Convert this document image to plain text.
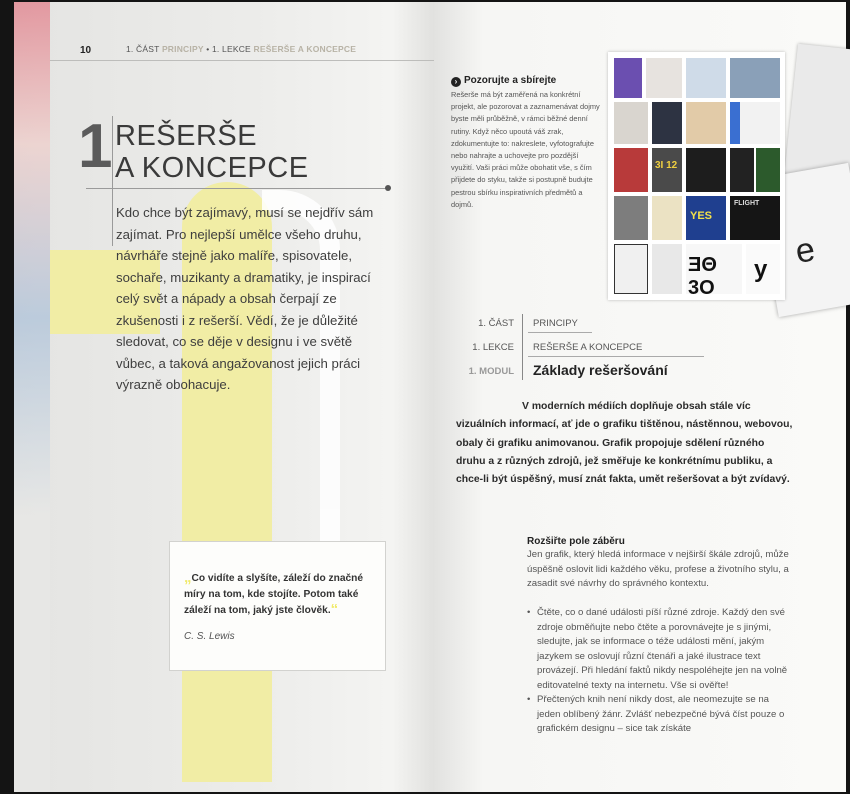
10	1. ČÁST PRINCIPY • 1. LEKCE REŠERŠE A KONCEPCE
1 REŠERŠE
A KONCEPCE

Kdo chce být zajímavý, musí se nejdřív sám zajímat. Pro nejlepší umělce všeho druhu, návrháře stejně jako malíře, spisovatele, sochaře, muzikanty a dramatiky, je inspirací celý svět a nápady a obsah čerpají ze zkušenosti i z rešerší. Vědí, že je důležité sledovat, co se děje v designu i ve světě vůbec, a taková angažovanost jejich práci výrazně obohacuje.

„Co vidíte a slyšíte, záleží do značné míry na tom, kde stojíte. Potom také záleží na tom, jaký jste člověk.“
C. S. Lewis
› Pozorujte a sbírejte

Rešerše má být zaměřená na konkrétní projekt, ale pozorovat a zaznamenávat dojmy byste měli průběžně, v rámci běžné denní rutiny. Když něco upoutá váš zrak, zdokumentujte to: nakreslete, vyfotografujte nebo nahrajte a uchovejte pro pozdější využití. Vaši práci může obohatit vše, s čím přijdete do styku, takže si postupně budujte pestrou sbírku inspirativních předmětů a dojmů.

e
3Ι 12
YES
FLIGHT
ƎΘ 3Ο
y
1. ČÁST PRINCIPY
1. LEKCE REŠERŠE A KONCEPCE
1. MODUL Základy rešeršování

V moderních médiích doplňuje obsah stále víc vizuálních informací, ať jde o grafiku tištěnou, nástěnnou, webovou, obaly či grafiku animovanou. Grafik propojuje sdělení různého druhu a z různých zdrojů, jež směřuje ke konkrétnímu publiku, a chce-li být úspěšný, musí znát fakta, umět rešeršovat a být zvídavý.

Rozšiřte pole záběru

Jen grafik, který hledá informace v nejširší škále zdrojů, může úspěšně oslovit lidi každého věku, profese a životního stylu, a zasadit své návrhy do správného kontextu.

• Čtěte, co o dané události píší různé zdroje. Každý den své zdroje obměňujte nebo čtěte a porovnávejte je s jinými, sledujte, jak se informace o téže události mění, jakým jazykem se oslovují různí čtenáři a jaké ilustrace text provázejí. Při hledání faktů nikdy nespoléhejte jen na volně editovatelné texty na internetu. Vše si ověřte!
• Přečtených knih není nikdy dost, ale neomezujte se na jeden oblíbený žánr. Zvlášť nebezpečné bývá číst pouze o grafickém designu – sice tak získáte
